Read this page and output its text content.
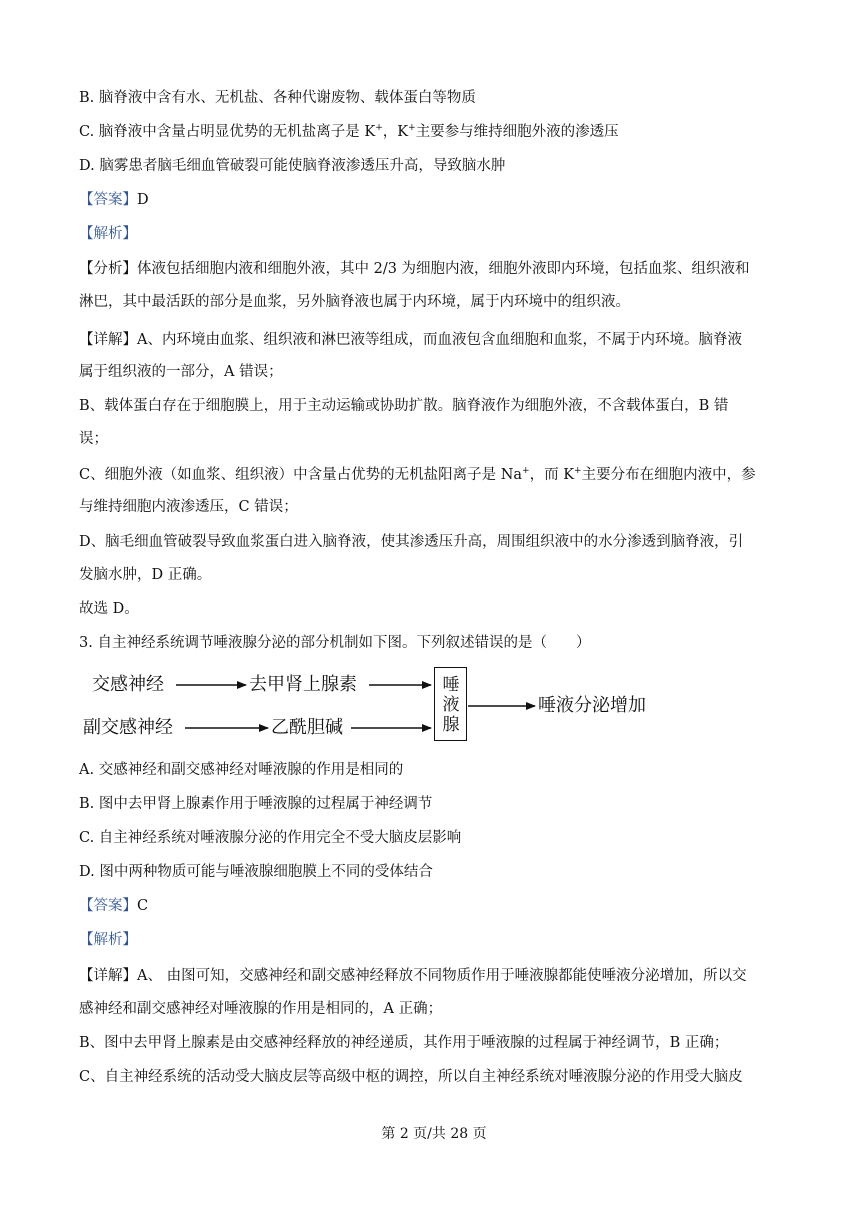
B. 脑脊液中含有水、无机盐、各种代谢废物、载体蛋白等物质
C. 脑脊液中含量占明显优势的无机盐离子是 K+，K+主要参与维持细胞外液的渗透压
D. 脑雾患者脑毛细血管破裂可能使脑脊液渗透压升高，导致脑水肿
【答案】D
【解析】
【分析】体液包括细胞内液和细胞外液，其中 2/3 为细胞内液，细胞外液即内环境，包括血浆、组织液和
淋巴，其中最活跃的部分是血浆，另外脑脊液也属于内环境，属于内环境中的组织液。
【详解】A、内环境由血浆、组织液和淋巴液等组成，而血液包含血细胞和血浆，不属于内环境。脑脊液
属于组织液的一部分，A 错误；
B、载体蛋白存在于细胞膜上，用于主动运输或协助扩散。脑脊液作为细胞外液，不含载体蛋白，B 错
误；
C、细胞外液（如血浆、组织液）中含量占优势的无机盐阳离子是 Na+，而 K+主要分布在细胞内液中，参
与维持细胞内液渗透压，C 错误；
D、脑毛细血管破裂导致血浆蛋白进入脑脊液，使其渗透压升高，周围组织液中的水分渗透到脑脊液，引
发脑水肿，D 正确。
故选 D。
3. 自主神经系统调节唾液腺分泌的部分机制如下图。下列叙述错误的是（　　）
交感神经	去甲肾上腺素
副交感神经	乙酰胆碱
唾
液
腺
唾液分泌增加
A. 交感神经和副交感神经对唾液腺的作用是相同的
B. 图中去甲肾上腺素作用于唾液腺的过程属于神经调节
C. 自主神经系统对唾液腺分泌的作用完全不受大脑皮层影响
D. 图中两种物质可能与唾液腺细胞膜上不同的受体结合
【答案】C
【解析】
【详解】A、 由图可知，交感神经和副交感神经释放不同物质作用于唾液腺都能使唾液分泌增加，所以交
感神经和副交感神经对唾液腺的作用是相同的，A 正确；
B、图中去甲肾上腺素是由交感神经释放的神经递质，其作用于唾液腺的过程属于神经调节，B 正确；
C、自主神经系统的活动受大脑皮层等高级中枢的调控，所以自主神经系统对唾液腺分泌的作用受大脑皮
第 2 页/共 28 页
